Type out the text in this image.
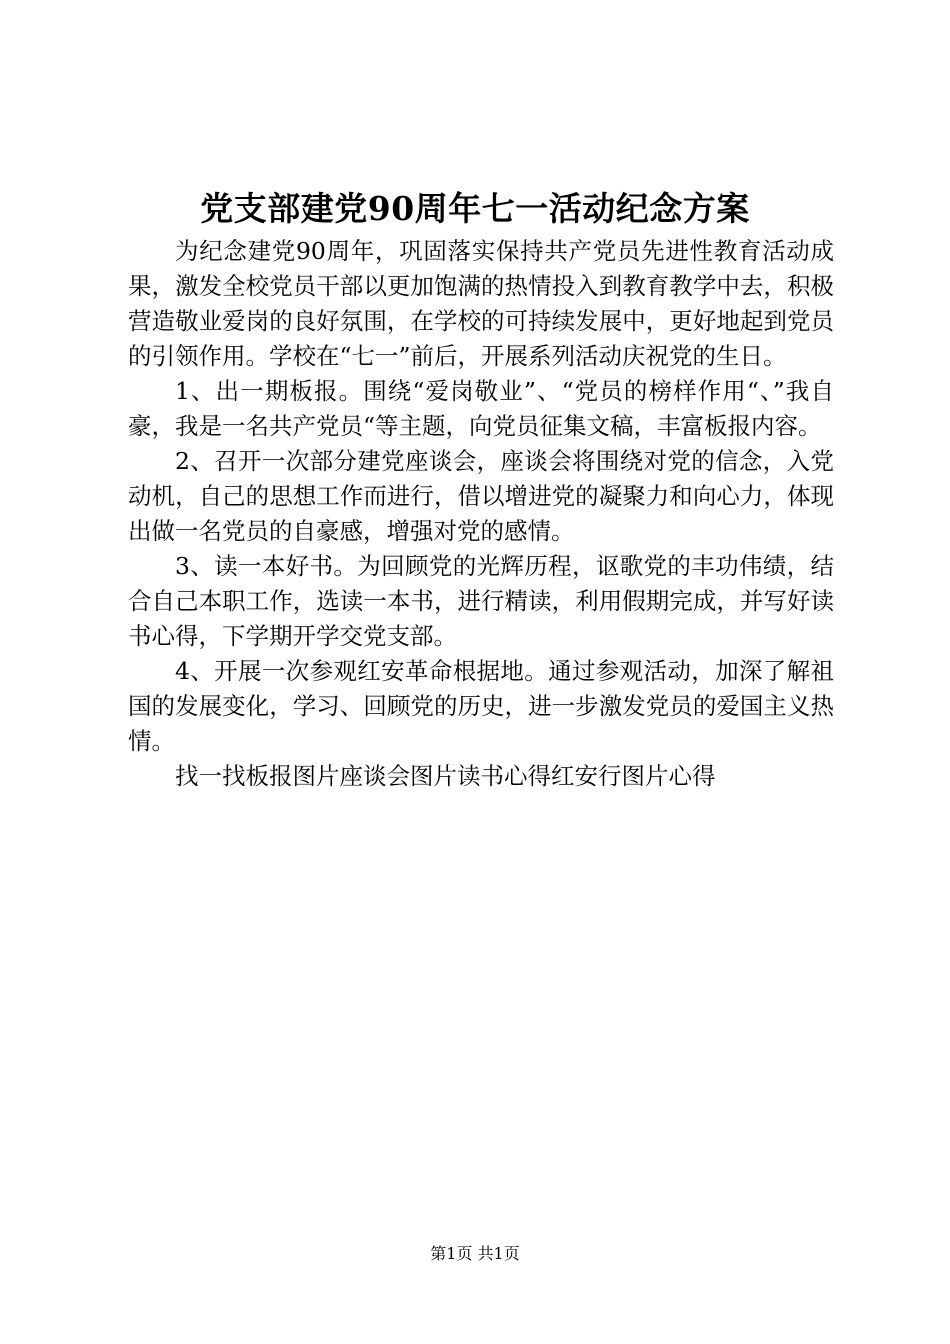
党支部建党90周年七一活动纪念方案

为纪念建党90周年，巩固落实保持共产党员先进性教育活动成果，激发全校党员干部以更加饱满的热情投入到教育教学中去，积极营造敬业爱岗的良好氛围，在学校的可持续发展中，更好地起到党员的引领作用。学校在“七一”前后，开展系列活动庆祝党的生日。

1、出一期板报。围绕“爱岗敬业”、“党员的榜样作用“、”我自豪，我是一名共产党员“等主题，向党员征集文稿，丰富板报内容。

2、召开一次部分建党座谈会，座谈会将围绕对党的信念，入党动机，自己的思想工作而进行，借以增进党的凝聚力和向心力，体现出做一名党员的自豪感，增强对党的感情。

3、读一本好书。为回顾党的光辉历程，讴歌党的丰功伟绩，结合自己本职工作，选读一本书，进行精读，利用假期完成，并写好读书心得，下学期开学交党支部。

4、开展一次参观红安革命根据地。通过参观活动，加深了解祖国的发展变化，学习、回顾党的历史，进一步激发党员的爱国主义热情。

找一找板报图片座谈会图片读书心得红安行图片心得

第1页 共1页
